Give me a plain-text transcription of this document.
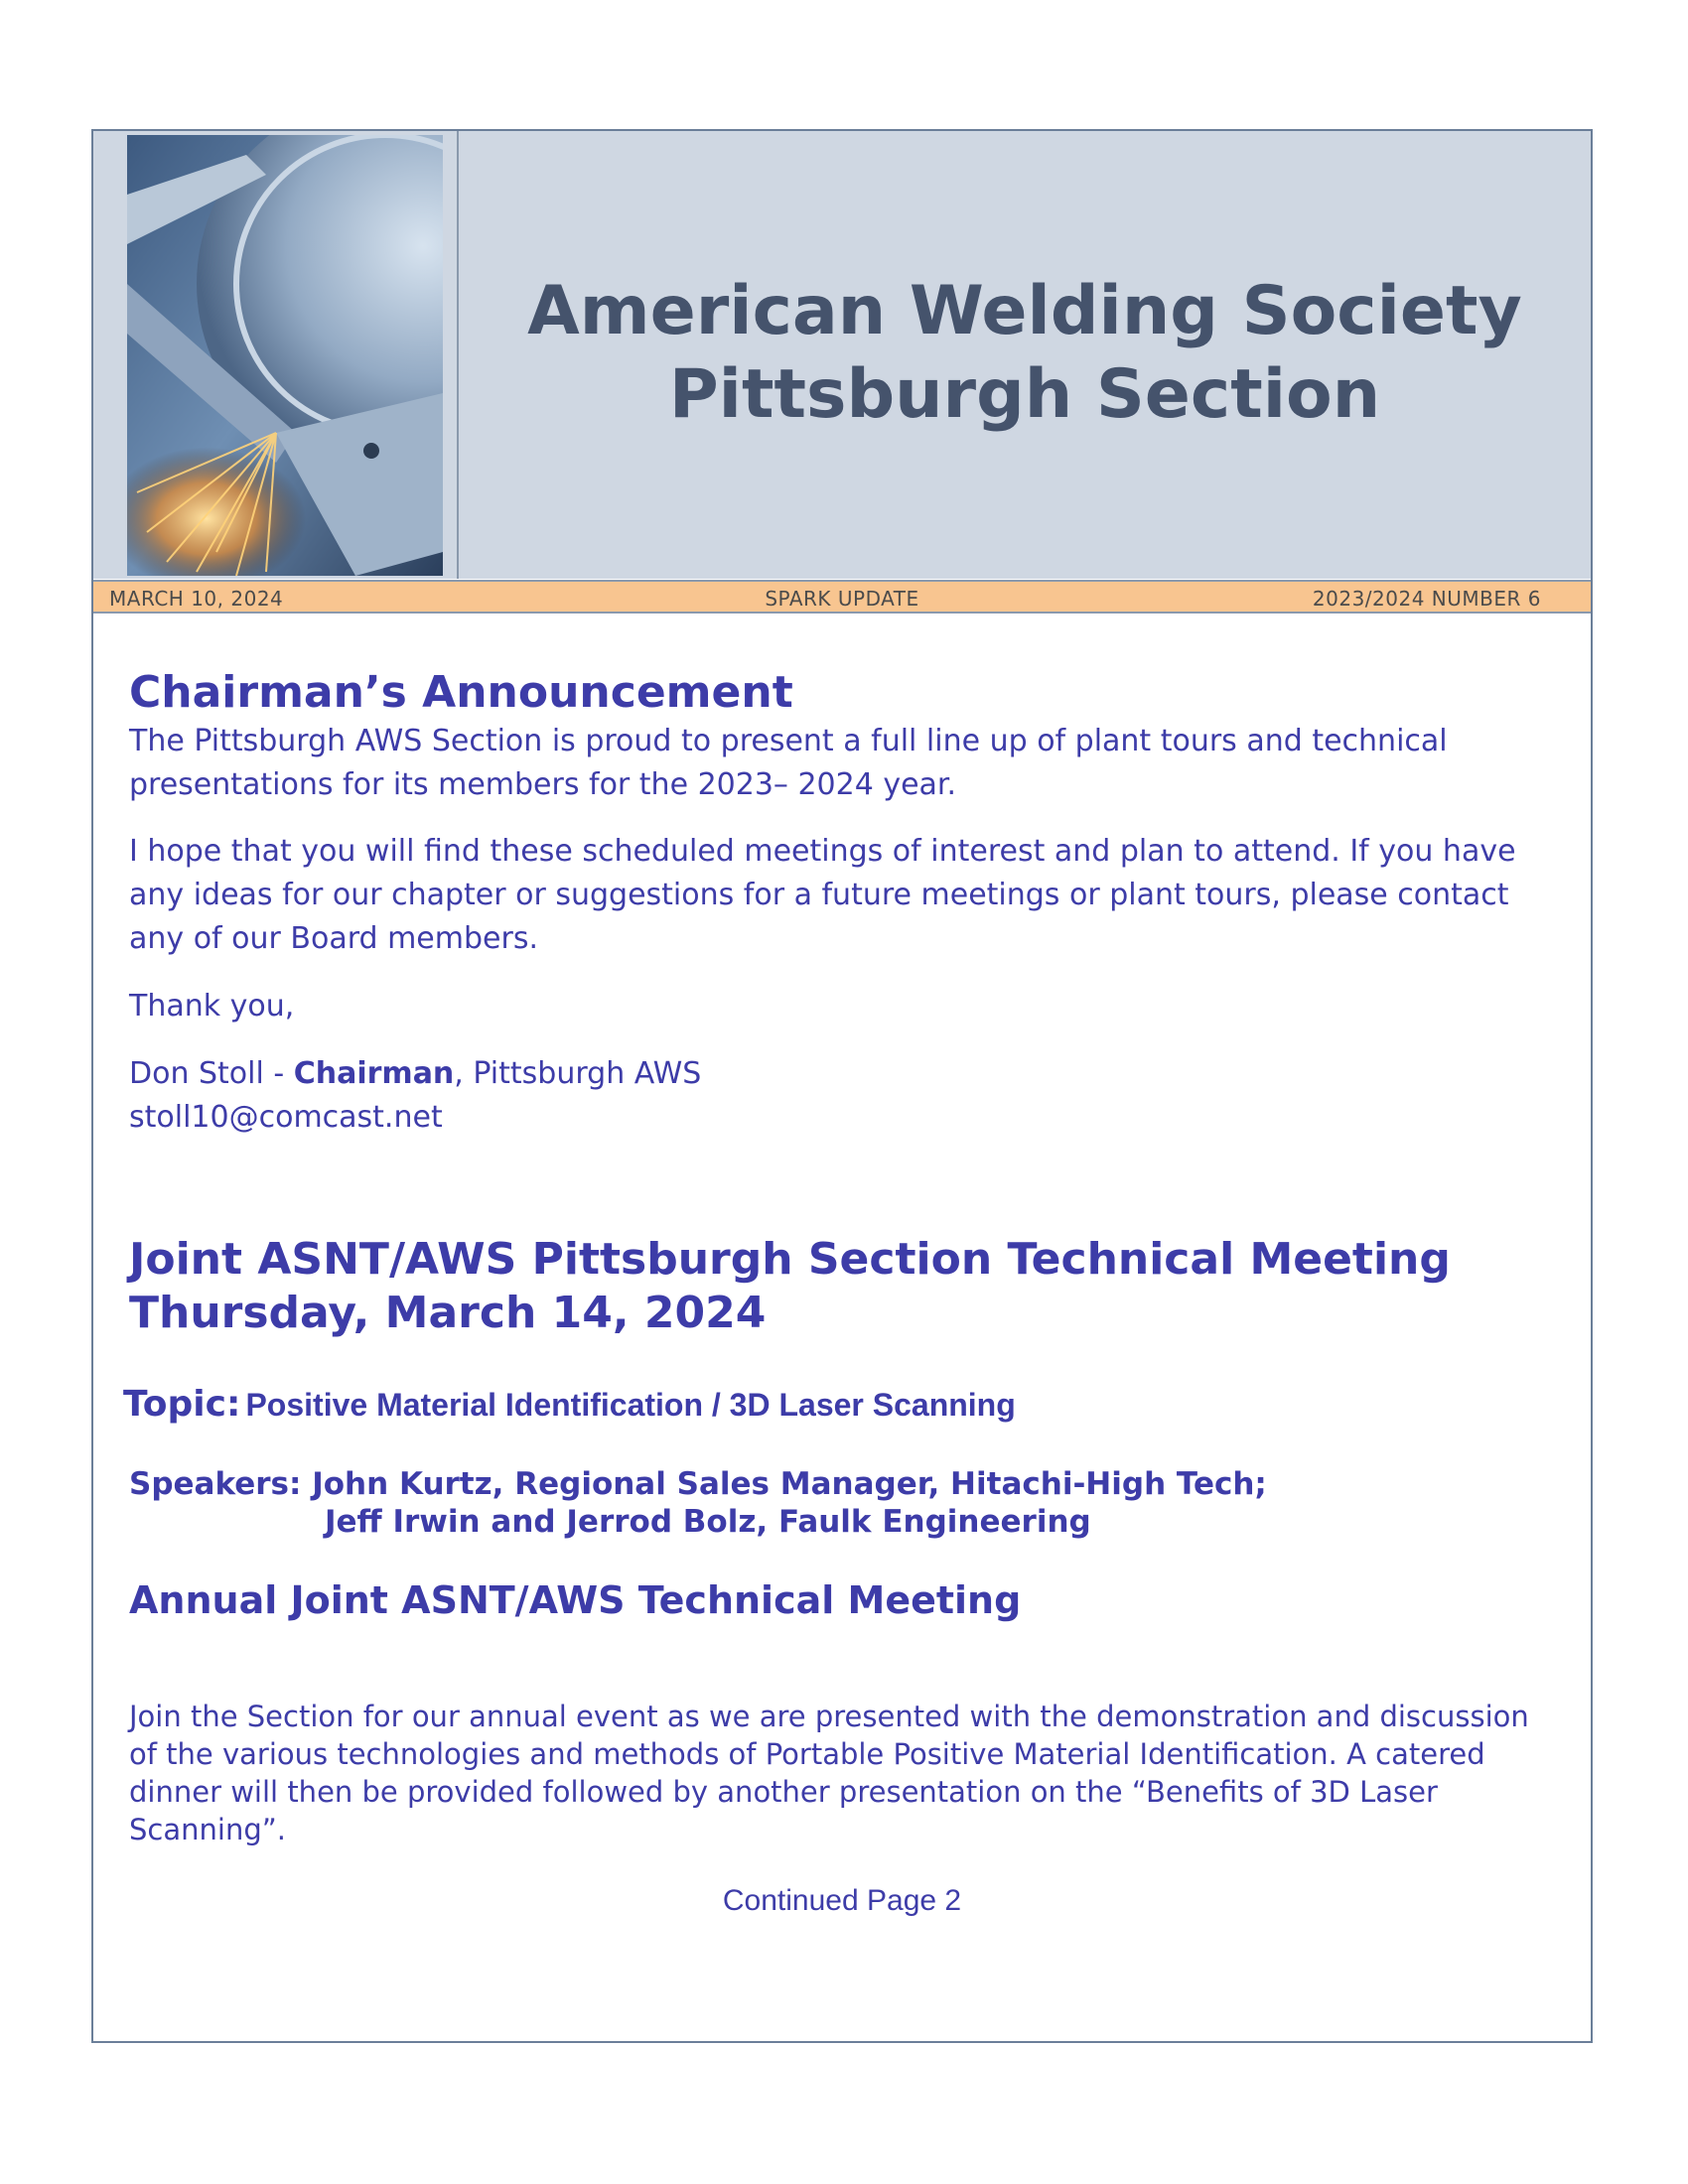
American Welding Society
Pittsburgh Section
SPARK UPDATE
MARCH 10, 2024	2023/2024 NUMBER 6
Chairman’s Announcement

The Pittsburgh AWS Section is proud to present a full line up of plant tours and technical presentations for its members for the 2023– 2024 year.

I hope that you will find these scheduled meetings of interest and plan to attend. If you have any ideas for our chapter or suggestions for a future meetings or plant tours, please contact any of our Board members.

Thank you,

Don Stoll - Chairman, Pittsburgh AWS

stoll10@comcast.net

Joint ASNT/AWS Pittsburgh Section Technical Meeting
Thursday, March 14, 2024
Topic: Positive Material Identification / 3D Laser Scanning
Speakers: John Kurtz, Regional Sales Manager, Hitachi-High Tech;
Jeff Irwin and Jerrod Bolz, Faulk Engineering
Annual Joint ASNT/AWS Technical Meeting

Join the Section for our annual event as we are presented with the demonstration and discussion of the various technologies and methods of Portable Positive Material Identification. A catered dinner will then be provided followed by another presentation on the “Benefits of 3D Laser Scanning”.

Continued Page 2
